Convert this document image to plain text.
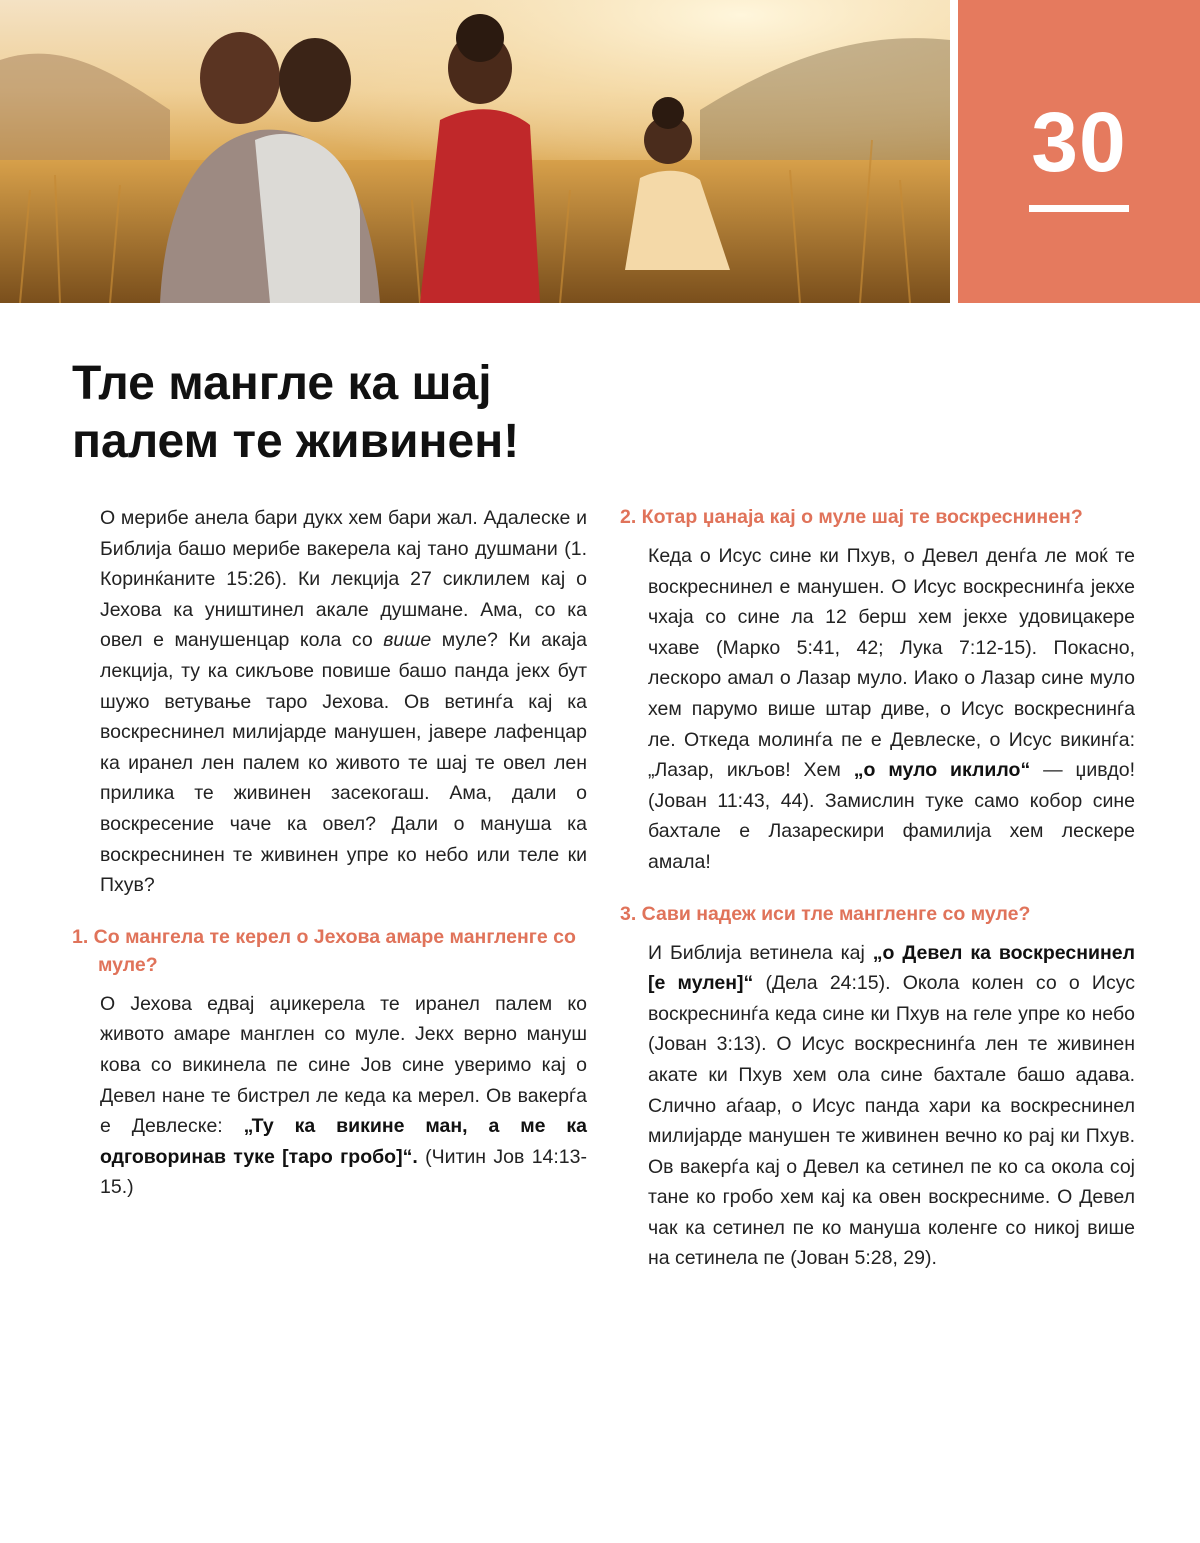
30
Тле мангле ка шај
палем те живинен!

О мерибе анела бари дукх хем бари жал. Адалеске и Библија башо мерибе вакерела кај тано душмани (1. Коринќаните 15:26). Ки лекција 27 сиклилем кај о Јехова ка уништинел акале душмане. Ама, со ка овел е манушенцар кола со више муле? Ки акаја лекција, ту ка сикљове повише башо панда јекх бут шужо ветување таро Јехова. Ов ветинѓа кај ка воскреснинел милијарде манушен, јавере лафенцар ка иранел лен палем ко живото те шај те овел лен прилика те живинен засекогаш. Ама, дали о воскресение чаче ка овел? Дали о мануша ка воскреснинен те живинен упре ко небо или теле ки Пхув?

1. Со мангела те керел о Јехова амаре мангленге со муле?

О Јехова едвај аџикерела те иранел палем ко живото амаре манглен со муле. Јекх верно мануш кова со викинела пе сине Јов сине уверимо кај о Девел нане те бистрел ле кеда ка мерел. Ов вакерѓа е Девлеске: „Ту ка викине ман, а ме ка одговоринав туке [таро гробо]“. (Читин Јов 14:13-15.)

2. Котар џанаја кај о муле шај те воскреснинен?

Кеда о Исус сине ки Пхув, о Девел денѓа ле моќ те воскреснинел е манушен. О Исус воскреснинѓа јекхе чхаја со сине ла 12 берш хем јекхе удовицакере чхаве (Марко 5:41, 42; Лука 7:12-15). Покасно, лескоро амал о Лазар муло. Иако о Лазар сине муло хем парумо више штар диве, о Исус воскреснинѓа ле. Откеда молинѓа пе е Девлеске, о Исус викинѓа: „Лазар, икљов! Хем „о муло иклило“ — џивдо! (Јован 11:43, 44). Замислин туке само кобор сине бахтале е Лазарескири фамилија хем лескере амала!

3. Сави надеж иси тле мангленге со муле?

И Библија ветинела кај „о Девел ка воскреснинел [е мулен]“ (Дела 24:15). Окола колен со о Исус воскреснинѓа кеда сине ки Пхув на геле упре ко небо (Јован 3:13). О Исус воскреснинѓа лен те живинен акате ки Пхув хем ола сине бахтале башо адава. Слично аѓаар, о Исус панда хари ка воскреснинел милијарде манушен те живинен вечно ко рај ки Пхув. Ов вакерѓа кај о Девел ка сетинел пе ко са окола сој тане ко гробо хем кај ка овен воскреснимe. О Девел чак ка сетинел пе ко мануша коленге со никој више на сетинела пе (Јован 5:28, 29).
